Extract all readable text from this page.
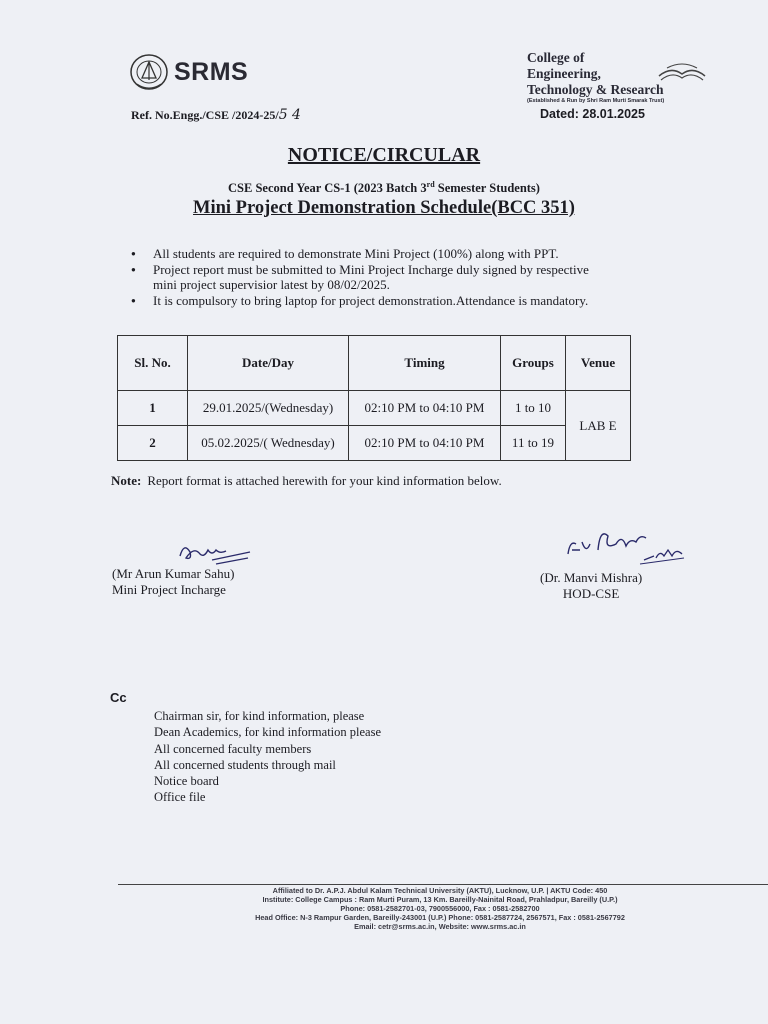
SRMS	College of
Engineering,
Technology & Research
(Established & Run by Shri Ram Murti Smarak Trust)
Ref. No.Engg./CSE /2024-25/5 4	Dated: 28.01.2025
NOTICE/CIRCULAR
CSE Second Year CS-1 (2023 Batch 3rd Semester Students)
Mini Project Demonstration Schedule(BCC 351)
● All students are required to demonstrate Mini Project (100%) along with PPT.
● Project report must be submitted to Mini Project Incharge duly signed by respective mini project supervisior latest by 08/02/2025.
● It is compulsory to bring laptop for project demonstration.Attendance is mandatory.
Sl. No.	Date/Day	Timing	Groups	Venue
1	29.01.2025/(Wednesday)	02:10 PM to 04:10 PM	1 to 10	LAB E
2	05.02.2025/( Wednesday)	02:10 PM to 04:10 PM	11 to 19	
Note: Report format is attached herewith for your kind information below.
(Mr Arun Kumar Sahu)
Mini Project Incharge
(Dr. Manvi Mishra)
HOD-CSE
Cc
Chairman sir, for kind information, please
Dean Academics, for kind information please
All concerned faculty members
All concerned students through mail
Notice board
Office file
Affiliated to Dr. A.P.J. Abdul Kalam Technical University (AKTU), Lucknow, U.P. | AKTU Code: 450
Institute: College Campus : Ram Murti Puram, 13 Km. Bareilly-Nainital Road, Prahladpur, Bareilly (U.P.)
Phone: 0581-2582701-03, 7900556000, Fax : 0581-2582700
Head Office: N-3 Rampur Garden, Bareilly-243001 (U.P.) Phone: 0581-2587724, 2567571, Fax : 0581-2567792
Email: cetr@srms.ac.in, Website: www.srms.ac.in
